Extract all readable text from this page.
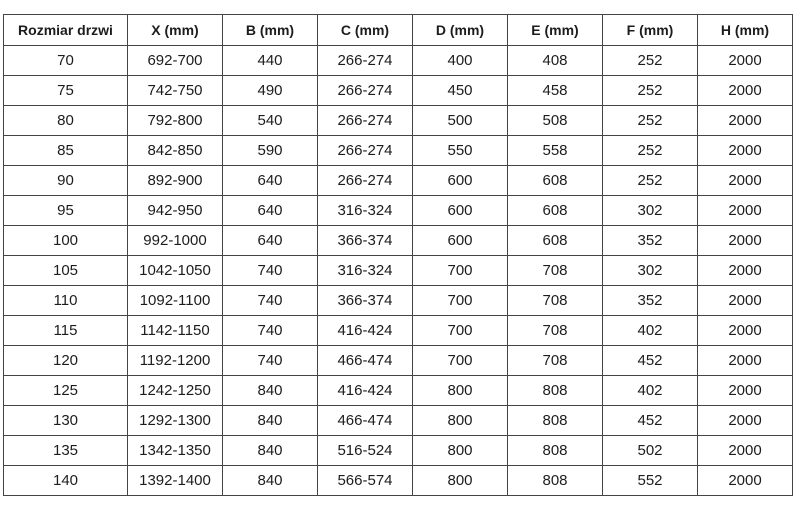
Rozmiar drzwi	X (mm)	B (mm)	C (mm)	D (mm)	E (mm)	F (mm)	H (mm)
70	692-700	440	266-274	400	408	252	2000
75	742-750	490	266-274	450	458	252	2000
80	792-800	540	266-274	500	508	252	2000
85	842-850	590	266-274	550	558	252	2000
90	892-900	640	266-274	600	608	252	2000
95	942-950	640	316-324	600	608	302	2000
100	992-1000	640	366-374	600	608	352	2000
105	1042-1050	740	316-324	700	708	302	2000
110	1092-1100	740	366-374	700	708	352	2000
115	1142-1150	740	416-424	700	708	402	2000
120	1192-1200	740	466-474	700	708	452	2000
125	1242-1250	840	416-424	800	808	402	2000
130	1292-1300	840	466-474	800	808	452	2000
135	1342-1350	840	516-524	800	808	502	2000
140	1392-1400	840	566-574	800	808	552	2000
